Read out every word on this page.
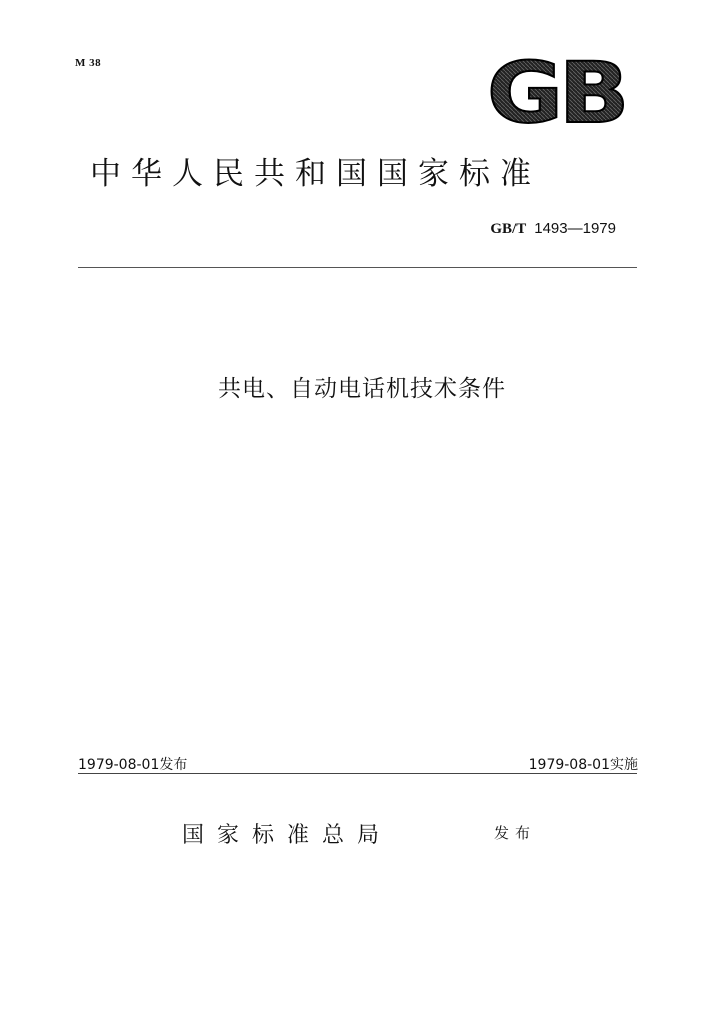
M 38	GB
中华人民共和国国家标准
GB/T 1493—1979
共电、自动电话机技术条件
1979-08-01发布	1979-08-01实施
国家标准总局	发布
